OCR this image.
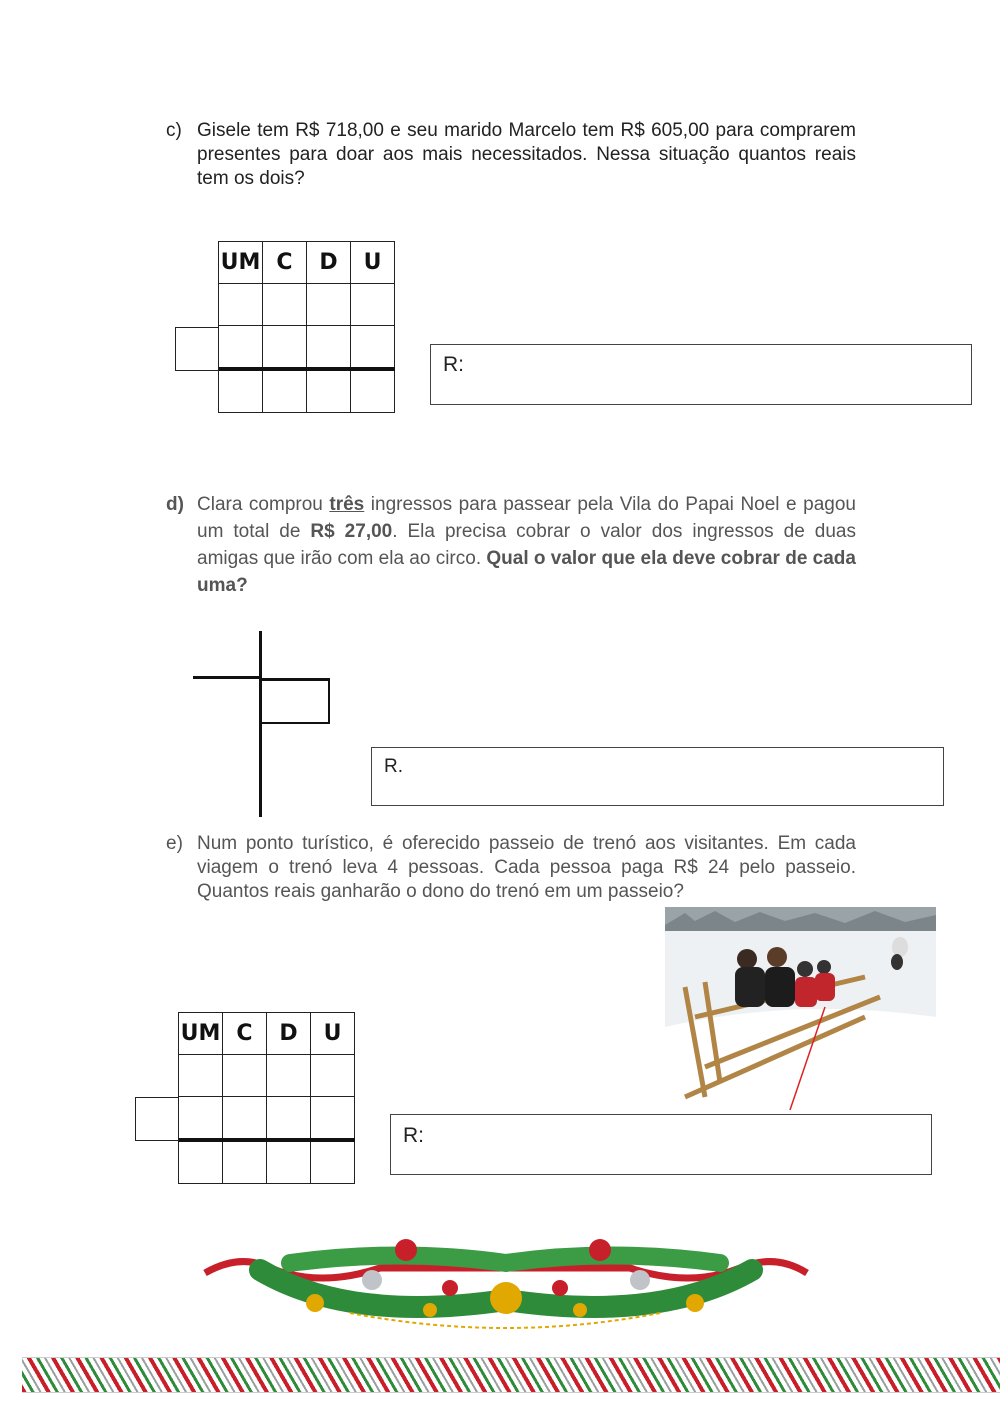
c) Gisele tem R$ 718,00 e seu marido Marcelo tem R$ 605,00 para comprarem presentes para doar aos mais necessitados. Nessa situação quantos reais tem os dois?
UM	C	D	U

R:
d) Clara comprou três ingressos para passear pela Vila do Papai Noel e pagou um total de R$ 27,00. Ela precisa cobrar o valor dos ingressos de duas amigas que irão com ela ao circo. Qual o valor que ela deve cobrar de cada uma?
R.
e) Num ponto turístico, é oferecido passeio de trenó aos visitantes. Em cada viagem o trenó leva 4 pessoas. Cada pessoa paga R$ 24 pelo passeio. Quantos reais ganharão o dono do trenó em um passeio?
UM	C	D	U

R:
